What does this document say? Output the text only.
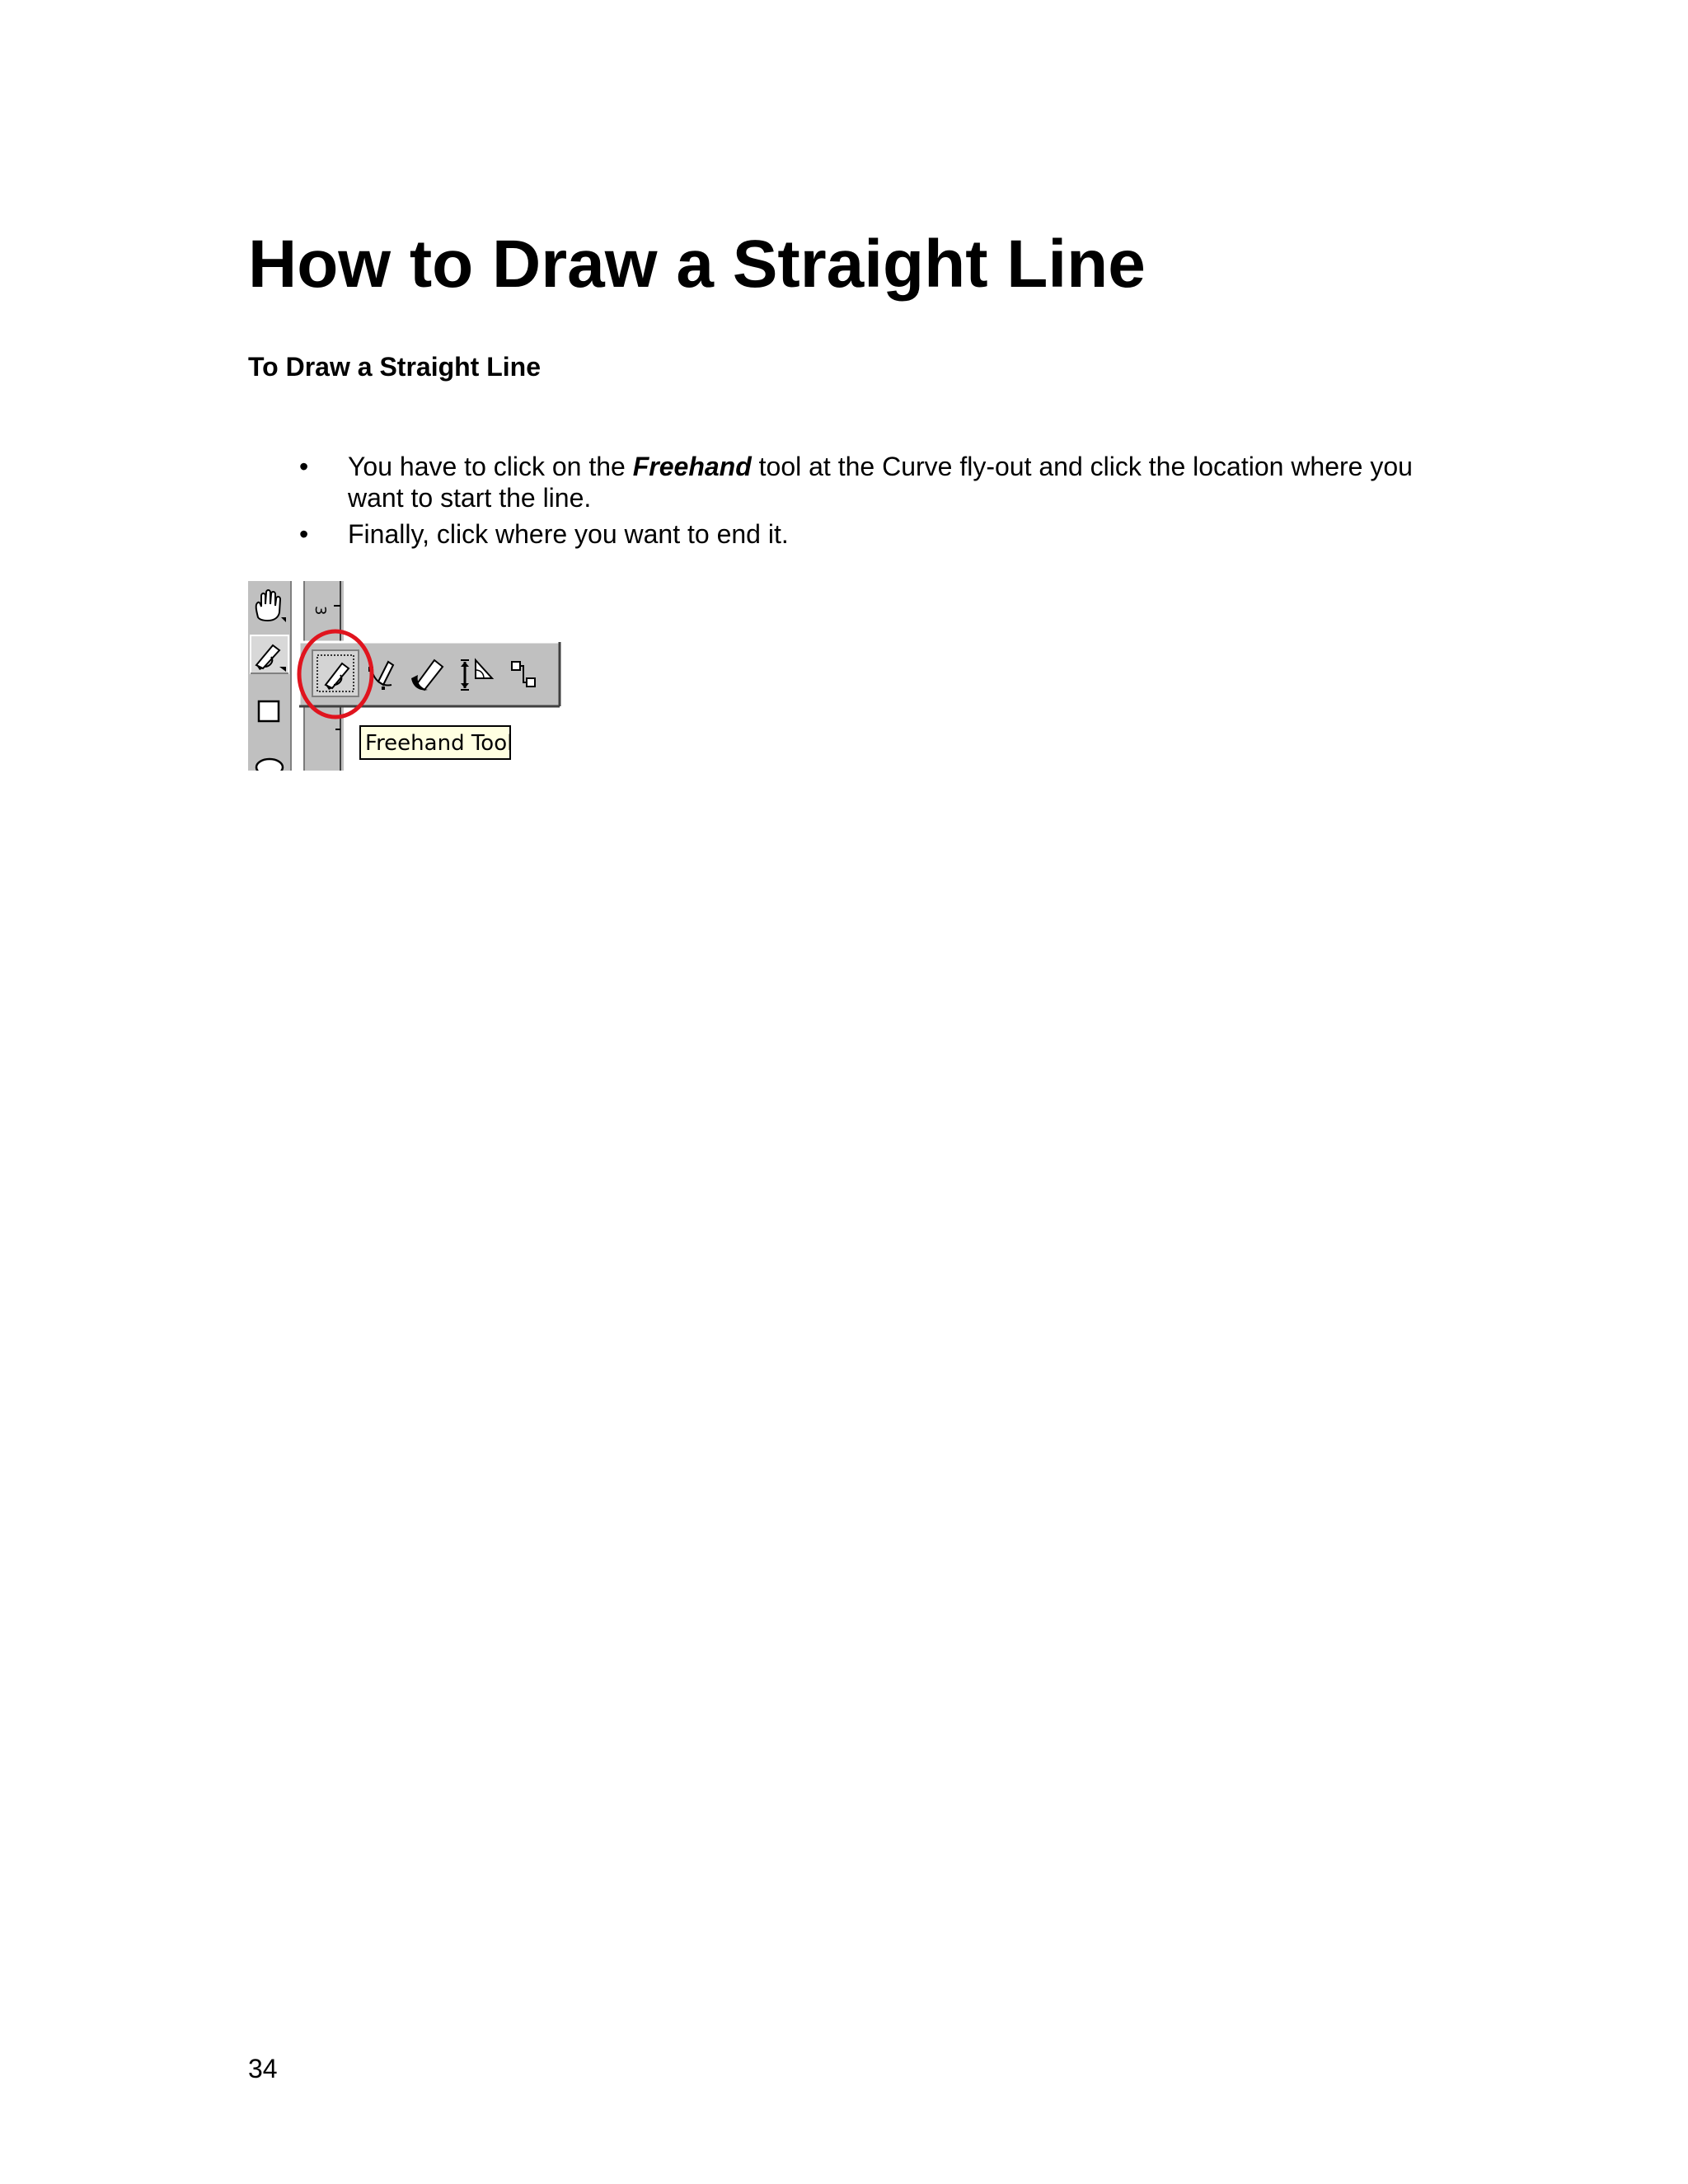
How to Draw a Straight Line
To Draw a Straight Line
• You have to click on the Freehand tool at the Curve fly-out and click the location where you want to start the line.
• Finally, click where you want to end it.
3
Freehand Tool

34
